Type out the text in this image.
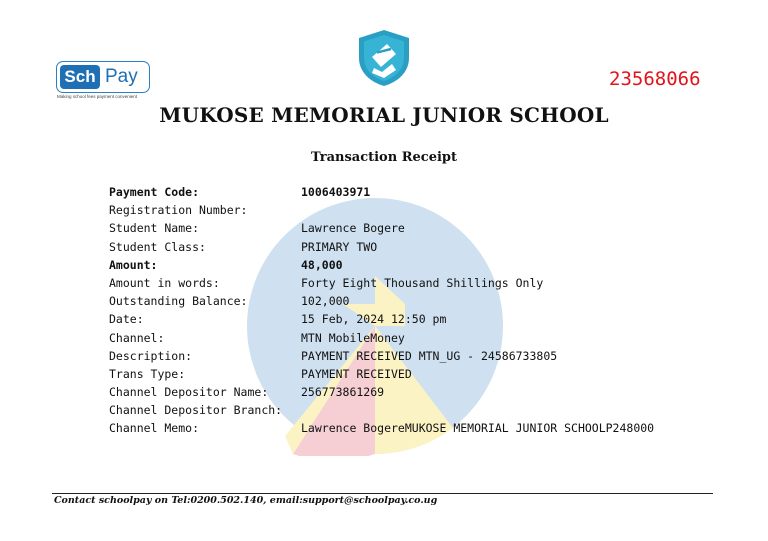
Sch Pay
Making school fees payment convenient
23568066
MUKOSE MEMORIAL JUNIOR SCHOOL
Transaction Receipt
Payment Code:	1006403971
Registration Number:
Student Name:	Lawrence Bogere
Student Class:	PRIMARY TWO
Amount:	48,000
Amount in words:	Forty Eight Thousand Shillings Only
Outstanding Balance:	102,000
Date:	15 Feb, 2024 12:50 pm
Channel:	MTN MobileMoney
Description:	PAYMENT RECEIVED MTN_UG - 24586733805
Trans Type:	PAYMENT RECEIVED
Channel Depositor Name:	256773861269
Channel Depositor Branch:
Channel Memo:	Lawrence BogereMUKOSE MEMORIAL JUNIOR SCHOOLP248000
Contact schoolpay on Tel:0200.502.140, email:support@schoolpay.co.ug
